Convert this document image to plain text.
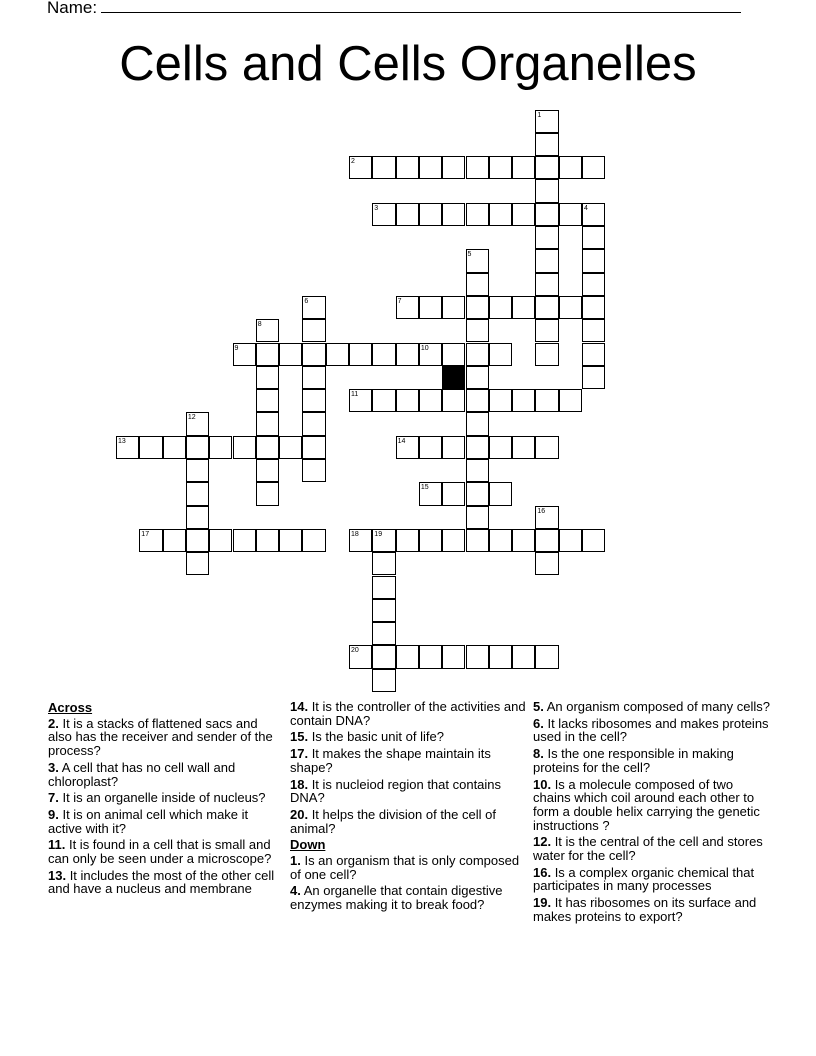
Name:
Cells and Cells Organelles
1
2
3	4
5
6	7
8
9	10
11
12
13	14
15
16
17	18 19
20
Across
2. It is a stacks of flattened sacs and also has the receiver and sender of the process?
3. A cell that has no cell wall and chloroplast?
7. It is an organelle inside of nucleus?
9. It is on animal cell which make it active with it?
11. It is found in a cell that is small and can only be seen under a microscope?
13. It includes the most of the other cell and have a nucleus and membrane
14. It is the controller of the activities and contain DNA?
15. Is the basic unit of life?
17. It makes the shape maintain its shape?
18. It is nucleiod region that contains DNA?
20. It helps the division of the cell of animal?
Down
1. Is an organism that is only composed of one cell?
4. An organelle that contain digestive enzymes making it to break food?
5. An organism composed of many cells?
6. It lacks ribosomes and makes proteins used in the cell?
8. Is the one responsible in making proteins for the cell?
10. Is a molecule composed of two chains which coil around each other to form a double helix carrying the genetic instructions ?
12. It is the central of the cell and stores water for the cell?
16. Is a complex organic chemical that participates in many processes
19. It has ribosomes on its surface and makes proteins to export?
